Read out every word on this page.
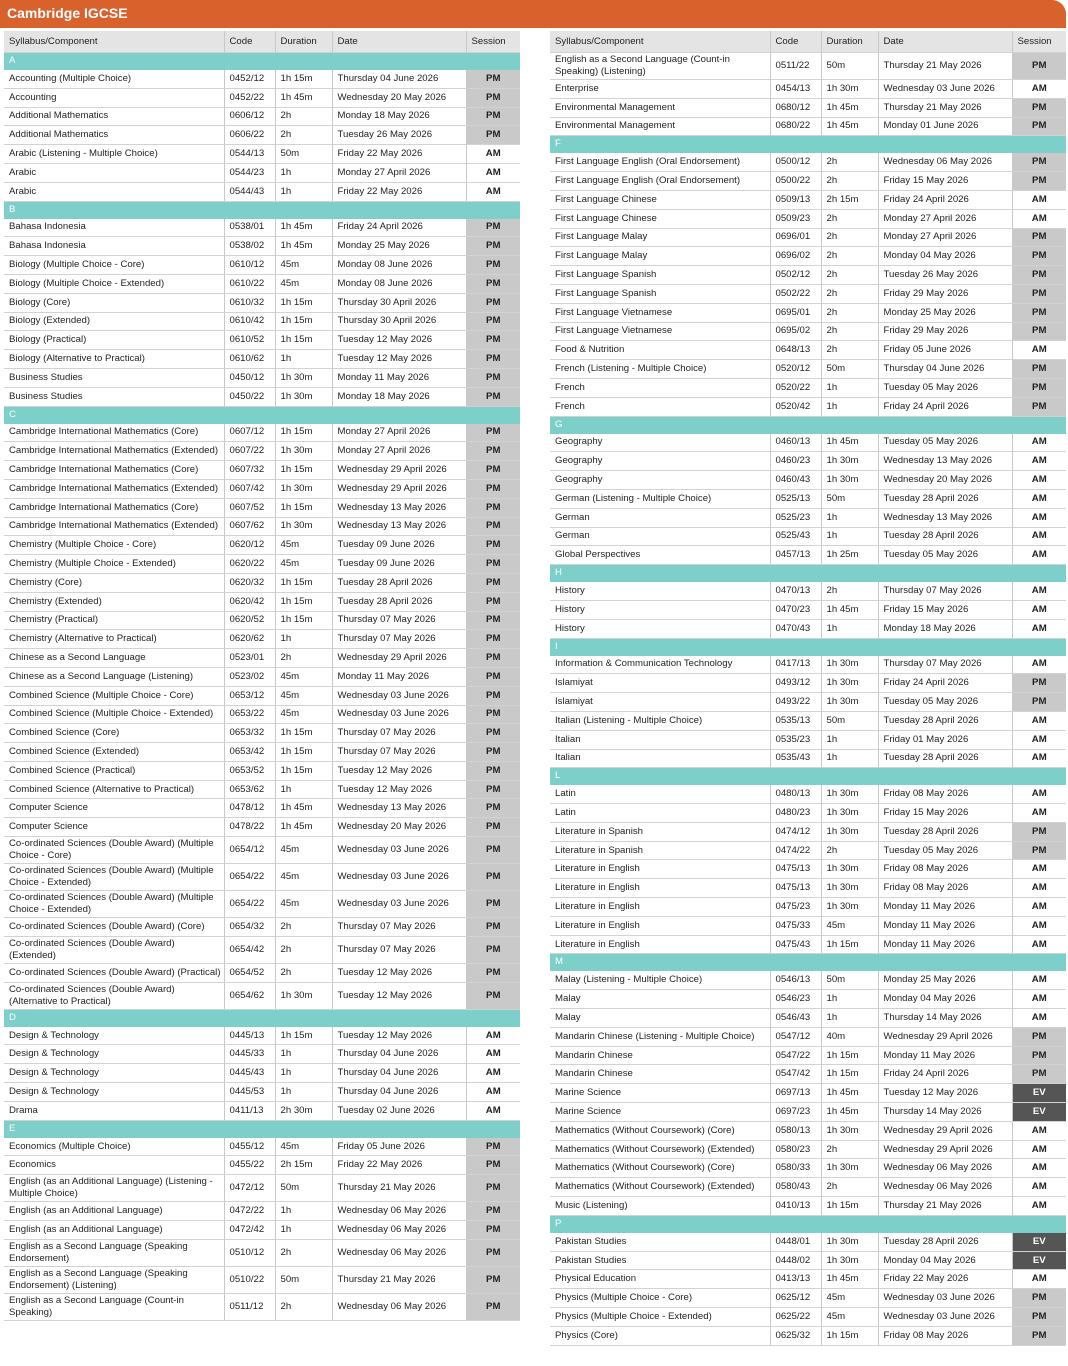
Cambridge IGCSE
Syllabus/Component	Code	Duration	Date	Session
A				
Accounting (Multiple Choice)	0452/12	1h 15m	Thursday 04 June 2026	PM
Accounting	0452/22	1h 45m	Wednesday 20 May 2026	PM
Additional Mathematics	0606/12	2h	Monday 18 May 2026	PM
Additional Mathematics	0606/22	2h	Tuesday 26 May 2026	PM
Arabic (Listening - Multiple Choice)	0544/13	50m	Friday 22 May 2026	AM
Arabic	0544/23	1h	Monday 27 April 2026	AM
Arabic	0544/43	1h	Friday 22 May 2026	AM
B				
Bahasa Indonesia	0538/01	1h 45m	Friday 24 April 2026	PM
Bahasa Indonesia	0538/02	1h 45m	Monday 25 May 2026	PM
Biology (Multiple Choice - Core)	0610/12	45m	Monday 08 June 2026	PM
Biology (Multiple Choice - Extended)	0610/22	45m	Monday 08 June 2026	PM
Biology (Core)	0610/32	1h 15m	Thursday 30 April 2026	PM
Biology (Extended)	0610/42	1h 15m	Thursday 30 April 2026	PM
Biology (Practical)	0610/52	1h 15m	Tuesday 12 May 2026	PM
Biology (Alternative to Practical)	0610/62	1h	Tuesday 12 May 2026	PM
Business Studies	0450/12	1h 30m	Monday 11 May 2026	PM
Business Studies	0450/22	1h 30m	Monday 18 May 2026	PM
C				
Cambridge International Mathematics (Core)	0607/12	1h 15m	Monday 27 April 2026	PM
Cambridge International Mathematics (Extended)	0607/22	1h 30m	Monday 27 April 2026	PM
Cambridge International Mathematics (Core)	0607/32	1h 15m	Wednesday 29 April 2026	PM
Cambridge International Mathematics (Extended)	0607/42	1h 30m	Wednesday 29 April 2026	PM
Cambridge International Mathematics (Core)	0607/52	1h 15m	Wednesday 13 May 2026	PM
Cambridge International Mathematics (Extended)	0607/62	1h 30m	Wednesday 13 May 2026	PM
Chemistry (Multiple Choice - Core)	0620/12	45m	Tuesday 09 June 2026	PM
Chemistry (Multiple Choice - Extended)	0620/22	45m	Tuesday 09 June 2026	PM
Chemistry (Core)	0620/32	1h 15m	Tuesday 28 April 2026	PM
Chemistry (Extended)	0620/42	1h 15m	Tuesday 28 April 2026	PM
Chemistry (Practical)	0620/52	1h 15m	Thursday 07 May 2026	PM
Chemistry (Alternative to Practical)	0620/62	1h	Thursday 07 May 2026	PM
Chinese as a Second Language	0523/01	2h	Wednesday 29 April 2026	PM
Chinese as a Second Language (Listening)	0523/02	45m	Monday 11 May 2026	PM
Combined Science (Multiple Choice - Core)	0653/12	45m	Wednesday 03 June 2026	PM
Combined Science (Multiple Choice - Extended)	0653/22	45m	Wednesday 03 June 2026	PM
Combined Science (Core)	0653/32	1h 15m	Thursday 07 May 2026	PM
Combined Science (Extended)	0653/42	1h 15m	Thursday 07 May 2026	PM
Combined Science (Practical)	0653/52	1h 15m	Tuesday 12 May 2026	PM
Combined Science (Alternative to Practical)	0653/62	1h	Tuesday 12 May 2026	PM
Computer Science	0478/12	1h 45m	Wednesday 13 May 2026	PM
Computer Science	0478/22	1h 45m	Wednesday 20 May 2026	PM
Co-ordinated Sciences (Double Award) (Multiple Choice - Core)	0654/12	45m	Wednesday 03 June 2026	PM
Co-ordinated Sciences (Double Award) (Multiple Choice - Extended)	0654/22	45m	Wednesday 03 June 2026	PM
Co-ordinated Sciences (Double Award) (Multiple Choice - Extended)	0654/22	45m	Wednesday 03 June 2026	PM
Co-ordinated Sciences (Double Award) (Core)	0654/32	2h	Thursday 07 May 2026	PM
Co-ordinated Sciences (Double Award) (Extended)	0654/42	2h	Thursday 07 May 2026	PM
Co-ordinated Sciences (Double Award) (Practical)	0654/52	2h	Tuesday 12 May 2026	PM
Co-ordinated Sciences (Double Award) (Alternative to Practical)	0654/62	1h 30m	Tuesday 12 May 2026	PM
D				
Design & Technology	0445/13	1h 15m	Tuesday 12 May 2026	AM
Design & Technology	0445/33	1h	Thursday 04 June 2026	AM
Design & Technology	0445/43	1h	Thursday 04 June 2026	AM
Design & Technology	0445/53	1h	Thursday 04 June 2026	AM
Drama	0411/13	2h 30m	Tuesday 02 June 2026	AM
E				
Economics (Multiple Choice)	0455/12	45m	Friday 05 June 2026	PM
Economics	0455/22	2h 15m	Friday 22 May 2026	PM
English (as an Additional Language) (Listening - Multiple Choice)	0472/12	50m	Thursday 21 May 2026	PM
English (as an Additional Language)	0472/22	1h	Wednesday 06 May 2026	PM
English (as an Additional Language)	0472/42	1h	Wednesday 06 May 2026	PM
English as a Second Language (Speaking Endorsement)	0510/12	2h	Wednesday 06 May 2026	PM
English as a Second Language (Speaking Endorsement) (Listening)	0510/22	50m	Thursday 21 May 2026	PM
English as a Second Language (Count-in Speaking)	0511/12	2h	Wednesday 06 May 2026	PM
Syllabus/Component	Code	Duration	Date	Session
English as a Second Language (Count-in Speaking) (Listening)	0511/22	50m	Thursday 21 May 2026	PM
Enterprise	0454/13	1h 30m	Wednesday 03 June 2026	AM
Environmental Management	0680/12	1h 45m	Thursday 21 May 2026	PM
Environmental Management	0680/22	1h 45m	Monday 01 June 2026	PM
F				
First Language English (Oral Endorsement)	0500/12	2h	Wednesday 06 May 2026	PM
First Language English (Oral Endorsement)	0500/22	2h	Friday 15 May 2026	PM
First Language Chinese	0509/13	2h 15m	Friday 24 April 2026	AM
First Language Chinese	0509/23	2h	Monday 27 April 2026	AM
First Language Malay	0696/01	2h	Monday 27 April 2026	PM
First Language Malay	0696/02	2h	Monday 04 May 2026	PM
First Language Spanish	0502/12	2h	Tuesday 26 May 2026	PM
First Language Spanish	0502/22	2h	Friday 29 May 2026	PM
First Language Vietnamese	0695/01	2h	Monday 25 May 2026	PM
First Language Vietnamese	0695/02	2h	Friday 29 May 2026	PM
Food & Nutrition	0648/13	2h	Friday 05 June 2026	AM
French (Listening - Multiple Choice)	0520/12	50m	Thursday 04 June 2026	PM
French	0520/22	1h	Tuesday 05 May 2026	PM
French	0520/42	1h	Friday 24 April 2026	PM
G				
Geography	0460/13	1h 45m	Tuesday 05 May 2026	AM
Geography	0460/23	1h 30m	Wednesday 13 May 2026	AM
Geography	0460/43	1h 30m	Wednesday 20 May 2026	AM
German (Listening - Multiple Choice)	0525/13	50m	Tuesday 28 April 2026	AM
German	0525/23	1h	Wednesday 13 May 2026	AM
German	0525/43	1h	Tuesday 28 April 2026	AM
Global Perspectives	0457/13	1h 25m	Tuesday 05 May 2026	AM
H				
History	0470/13	2h	Thursday 07 May 2026	AM
History	0470/23	1h 45m	Friday 15 May 2026	AM
History	0470/43	1h	Monday 18 May 2026	AM
I				
Information & Communication Technology	0417/13	1h 30m	Thursday 07 May 2026	AM
Islamiyat	0493/12	1h 30m	Friday 24 April 2026	PM
Islamiyat	0493/22	1h 30m	Tuesday 05 May 2026	PM
Italian (Listening - Multiple Choice)	0535/13	50m	Tuesday 28 April 2026	AM
Italian	0535/23	1h	Friday 01 May 2026	AM
Italian	0535/43	1h	Tuesday 28 April 2026	AM
L				
Latin	0480/13	1h 30m	Friday 08 May 2026	AM
Latin	0480/23	1h 30m	Friday 15 May 2026	AM
Literature in Spanish	0474/12	1h 30m	Tuesday 28 April 2026	PM
Literature in Spanish	0474/22	2h	Tuesday 05 May 2026	PM
Literature in English	0475/13	1h 30m	Friday 08 May 2026	AM
Literature in English	0475/13	1h 30m	Friday 08 May 2026	AM
Literature in English	0475/23	1h 30m	Monday 11 May 2026	AM
Literature in English	0475/33	45m	Monday 11 May 2026	AM
Literature in English	0475/43	1h 15m	Monday 11 May 2026	AM
M				
Malay (Listening - Multiple Choice)	0546/13	50m	Monday 25 May 2026	AM
Malay	0546/23	1h	Monday 04 May 2026	AM
Malay	0546/43	1h	Thursday 14 May 2026	AM
Mandarin Chinese (Listening - Multiple Choice)	0547/12	40m	Wednesday 29 April 2026	PM
Mandarin Chinese	0547/22	1h 15m	Monday 11 May 2026	PM
Mandarin Chinese	0547/42	1h 15m	Friday 24 April 2026	PM
Marine Science	0697/13	1h 45m	Tuesday 12 May 2026	EV
Marine Science	0697/23	1h 45m	Thursday 14 May 2026	EV
Mathematics (Without Coursework) (Core)	0580/13	1h 30m	Wednesday 29 April 2026	AM
Mathematics (Without Coursework) (Extended)	0580/23	2h	Wednesday 29 April 2026	AM
Mathematics (Without Coursework) (Core)	0580/33	1h 30m	Wednesday 06 May 2026	AM
Mathematics (Without Coursework) (Extended)	0580/43	2h	Wednesday 06 May 2026	AM
Music (Listening)	0410/13	1h 15m	Thursday 21 May 2026	AM
P				
Pakistan Studies	0448/01	1h 30m	Tuesday 28 April 2026	EV
Pakistan Studies	0448/02	1h 30m	Monday 04 May 2026	EV
Physical Education	0413/13	1h 45m	Friday 22 May 2026	AM
Physics (Multiple Choice - Core)	0625/12	45m	Wednesday 03 June 2026	PM
Physics (Multiple Choice - Extended)	0625/22	45m	Wednesday 03 June 2026	PM
Physics (Core)	0625/32	1h 15m	Friday 08 May 2026	PM
